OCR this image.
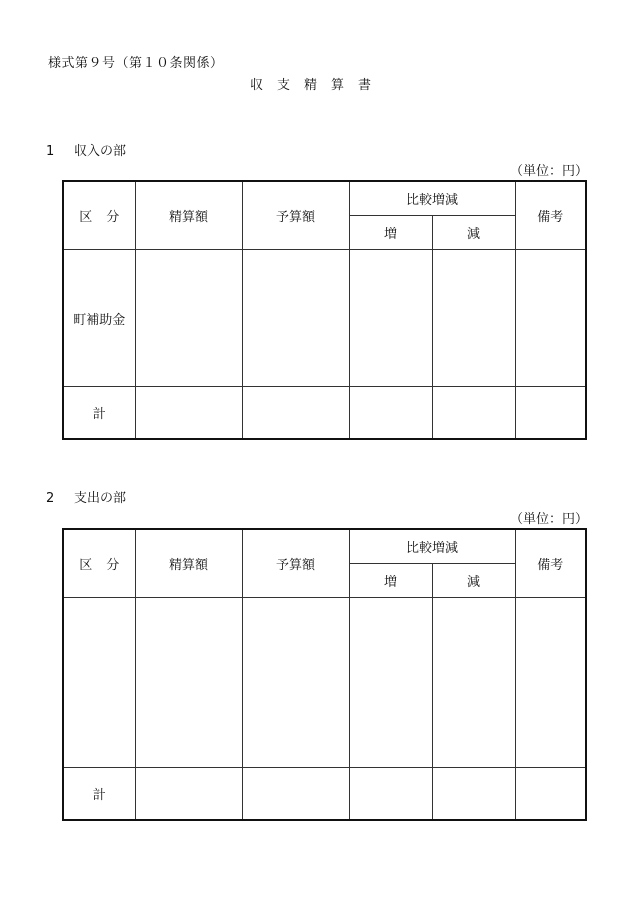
様式第９号（第１０条関係）
収支精算書
1 収入の部
（単位：円）
区分	精算額	予算額	比較増減		備考
			増	減	
町補助金					
計					
2 支出の部
（単位：円）
区分	精算額	予算額	比較増減		備考
			増	減	

計					
